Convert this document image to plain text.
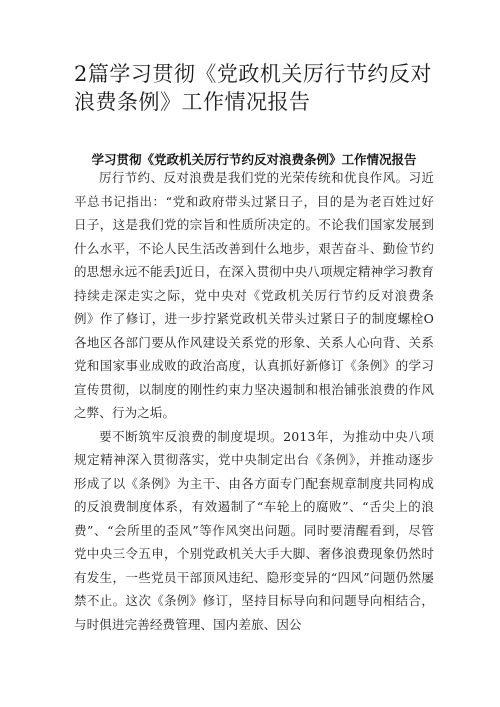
2篇学习贯彻《党政机关厉行节约反对浪费条例》工作情况报告
学习贯彻《党政机关厉行节约反对浪费条例》工作情况报告

厉行节约、反对浪费是我们党的光荣传统和优良作风。习近平总书记指出：“党和政府带头过紧日子，目的是为老百姓过好日子，这是我们党的宗旨和性质所决定的。不论我们国家发展到什么水平，不论人民生活改善到什么地步，艰苦奋斗、勤俭节约的思想永远不能丢J近日，在深入贯彻中央八项规定精神学习教育持续走深走实之际，党中央对《党政机关厉行节约反对浪费条例》作了修订，进一步拧紧党政机关带头过紧日子的制度螺栓O各地区各部门要从作风建设关系党的形象、关系人心向背、关系党和国家事业成败的政治高度，认真抓好新修订《条例》的学习宣传贯彻，以制度的刚性约束力坚决遏制和根治铺张浪费的作风之弊、行为之垢。

要不断筑牢反浪费的制度堤坝。2013年，为推动中央八项规定精神深入贯彻落实，党中央制定出台《条例》，并推动逐步形成了以《条例》为主干、由各方面专门配套规章制度共同构成的反浪费制度体系，有效遏制了“车轮上的腐败”、“舌尖上的浪费”、“会所里的歪风”等作风突出问题。同时要清醒看到，尽管党中央三令五申，个别党政机关大手大脚、奢侈浪费现象仍然时有发生，一些党员干部顶风违纪、隐形变异的“四风”问题仍然屡禁不止。这次《条例》修订，坚持目标导向和问题导向相结合，与时俱进完善经费管理、国内差旅、因公
